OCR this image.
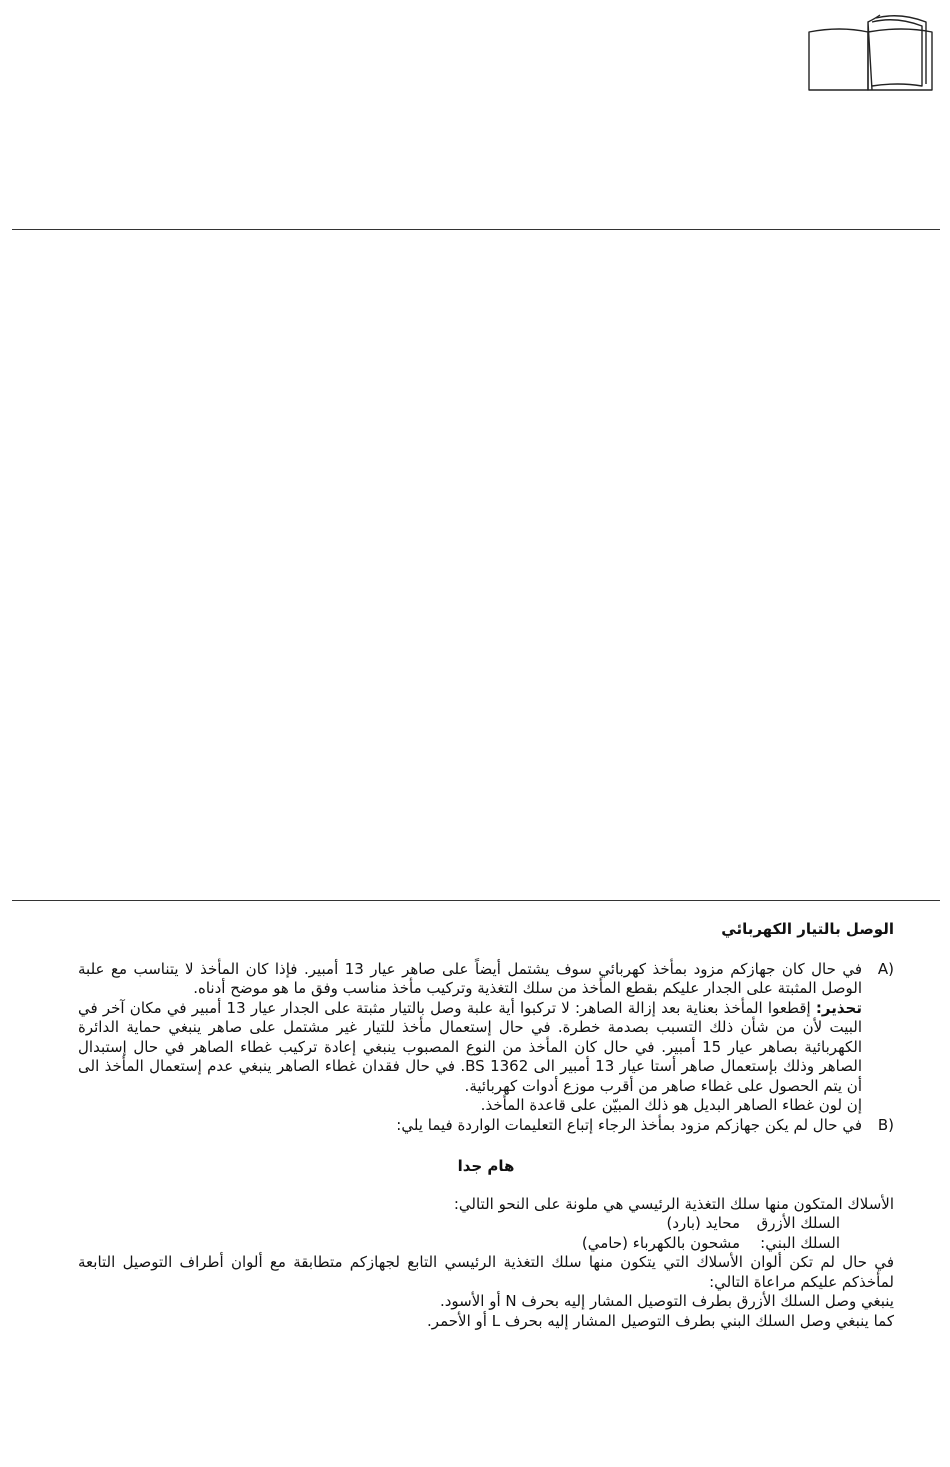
الوصل بالتيار الكهربائي
A)

في حال كان جهازكم مزود بمأخذ كهربائي سوف يشتمل أيضاً على صاهر عيار 13 أمبير. فإذا كان المأخذ لا يتناسب مع علبة الوصل المثبتة على الجدار عليكم بقطع المأخذ من سلك التغذية وتركيب مأخذ مناسب وفق ما هو موضح أدناه.

تحذير: إقطعوا المأخذ بعناية بعد إزالة الصاهر: لا تركبوا أية علبة وصل بالتيار مثبتة على الجدار عيار 13 أمبير في مكان آخر في البيت لأن من شأن ذلك التسبب بصدمة خطرة. في حال إستعمال مأخذ للتيار غير مشتمل على صاهر ينبغي حماية الدائرة الكهربائية بصاهر عيار 15 أمبير. في حال كان المأخذ من النوع المصبوب ينبغي إعادة تركيب غطاء الصاهر في حال إستبدال الصاهر وذلك بإستعمال صاهر أستا عيار 13 أمبير الى BS 1362. في حال فقدان غطاء الصاهر ينبغي عدم إستعمال المأخذ الى أن يتم الحصول على غطاء صاهر من أقرب موزع أدوات كهربائية.

إن لون غطاء الصاهر البديل هو ذلك المبيّن على قاعدة المأخذ.

B)

في حال لم يكن جهازكم مزود بمأخذ الرجاء إتباع التعليمات الواردة فيما يلي:

هام جدا

الأسلاك المتكون منها سلك التغذية الرئيسي هي ملونة على النحو التالي:

السلك الأزرق
محايد (بارد)
السلك البني:
مشحون بالكهرباء (حامي)

في حال لم تكن ألوان الأسلاك التي يتكون منها سلك التغذية الرئيسي التابع لجهازكم متطابقة مع ألوان أطراف التوصيل التابعة لمأخذكم عليكم مراعاة التالي:

ينبغي وصل السلك الأزرق بطرف التوصيل المشار إليه بحرف N أو الأسود.

كما ينبغي وصل السلك البني بطرف التوصيل المشار إليه بحرف L أو الأحمر.
